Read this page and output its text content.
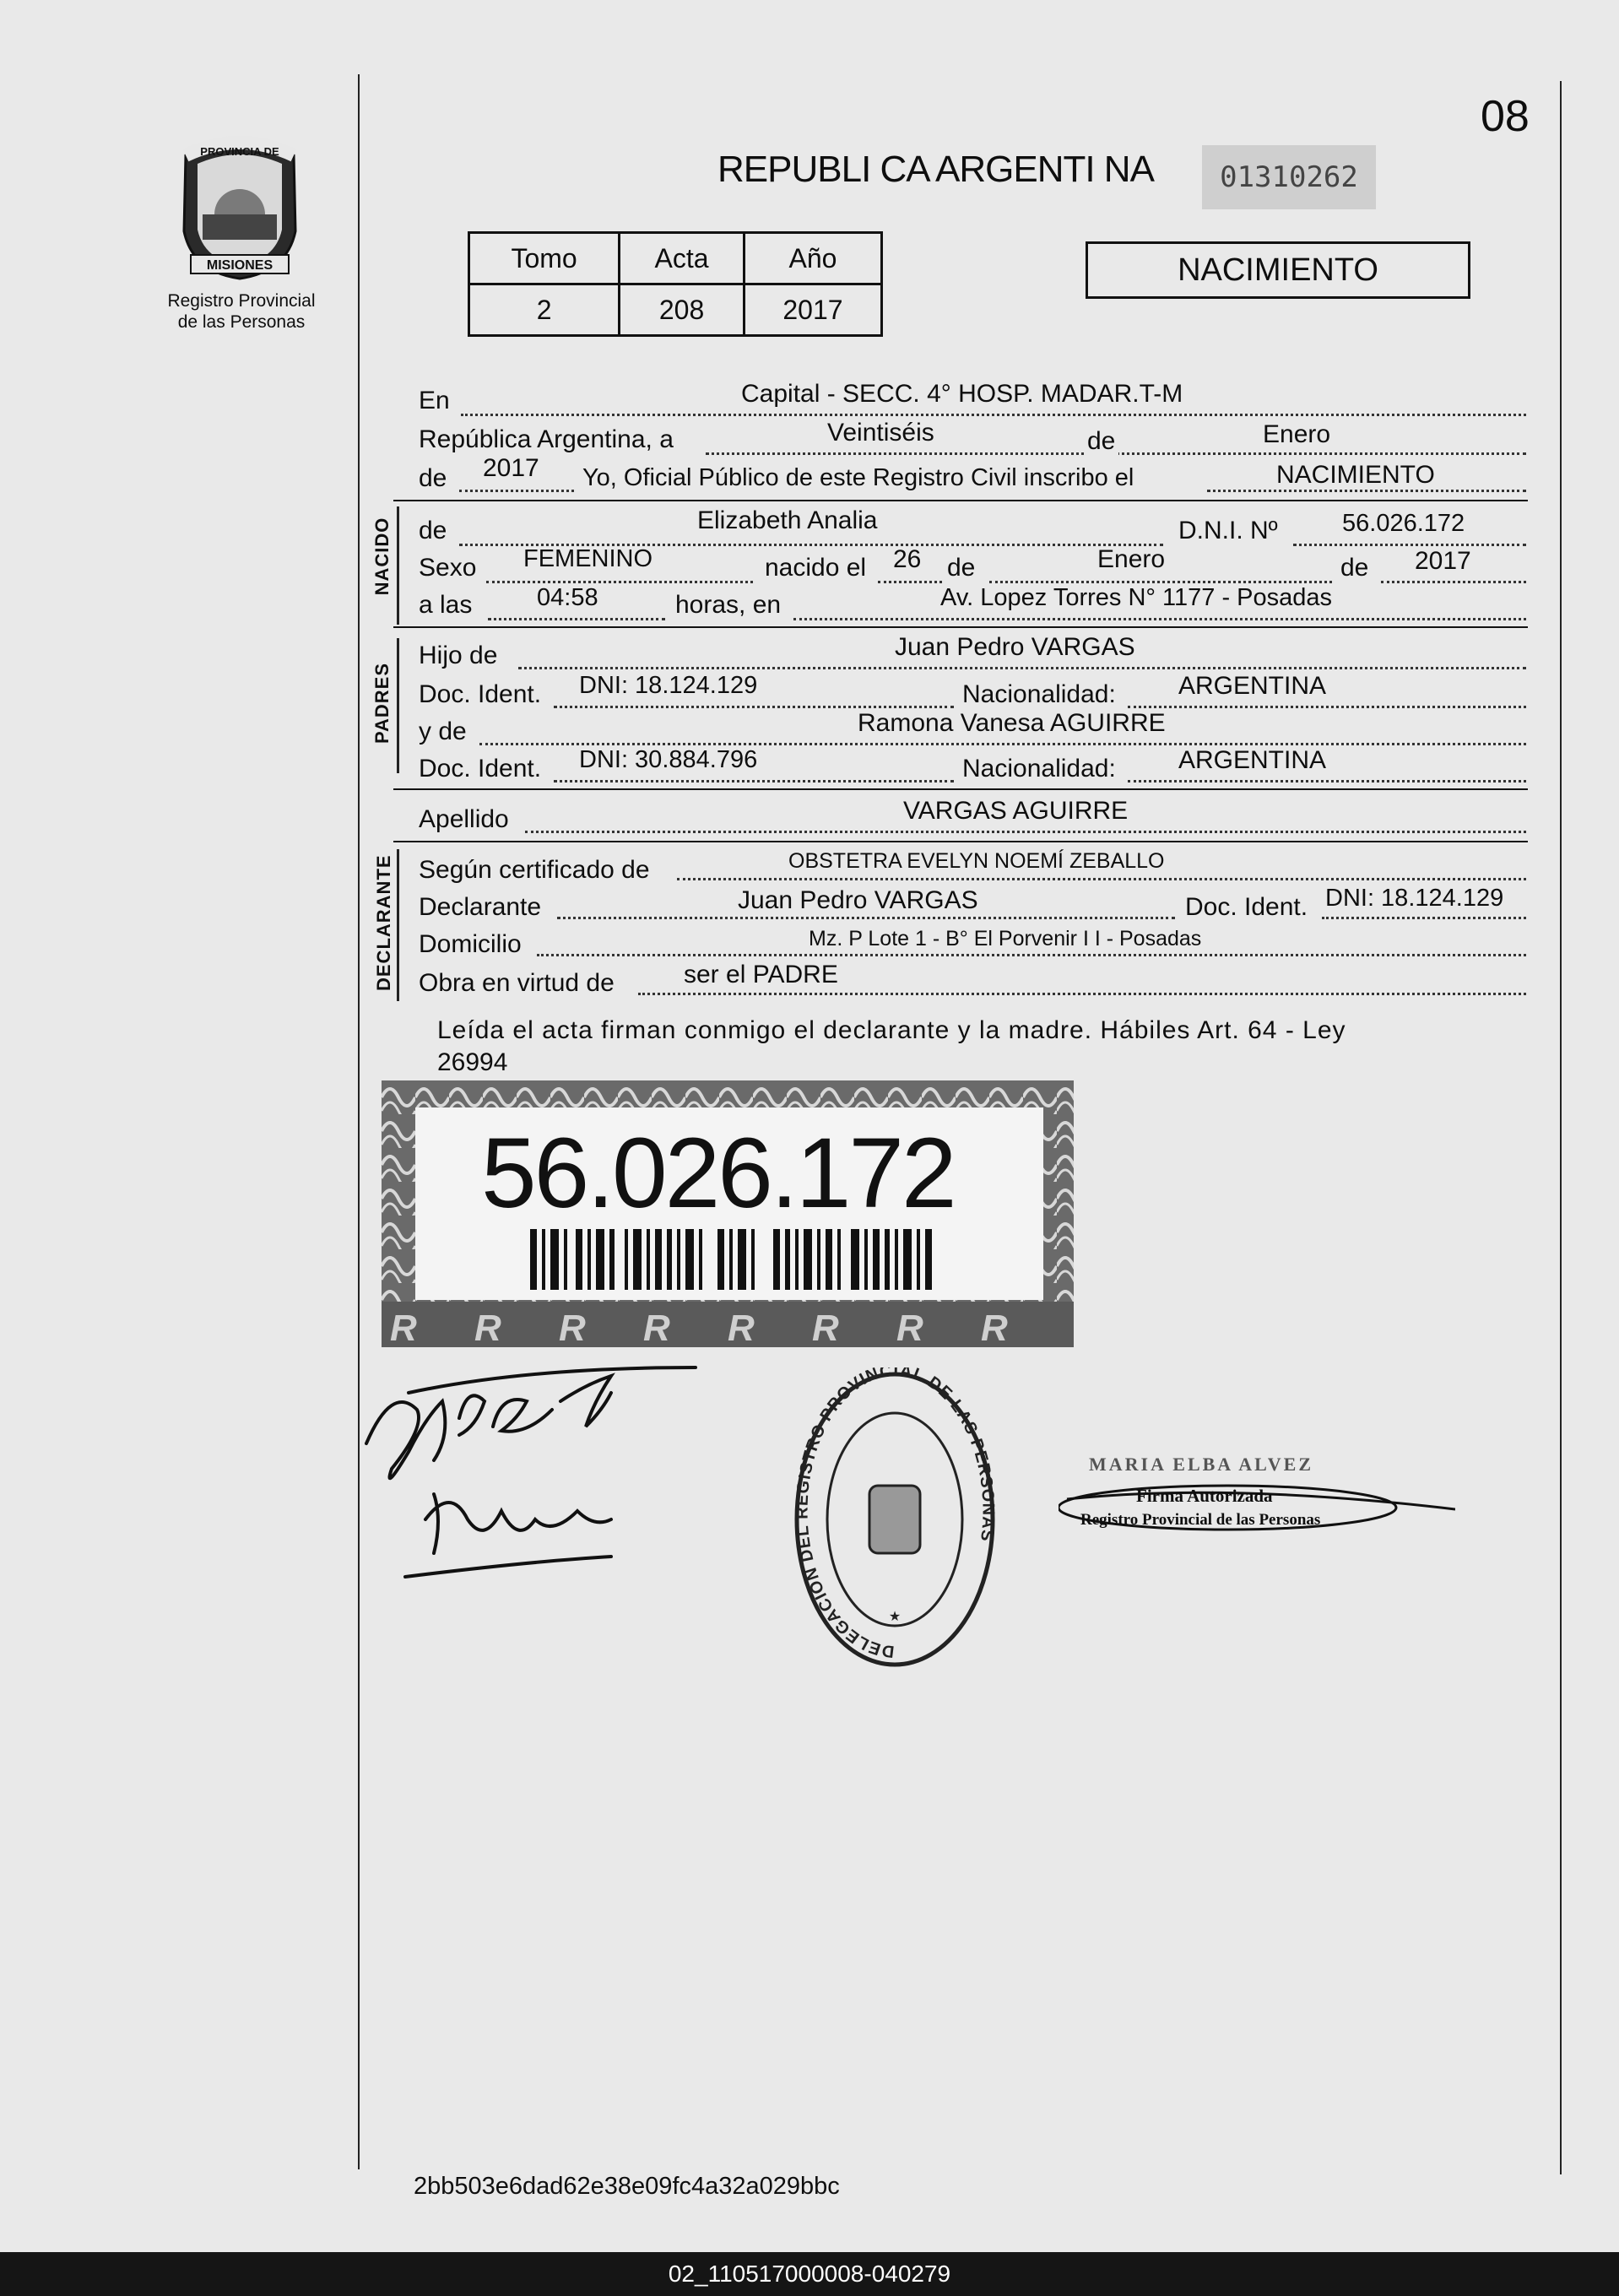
08
PROVINCIA DE
MISIONES
Registro Provincial
de las Personas
REPUBLI CA ARGENTI NA	01310262
Tomo	Acta	Año
2	208	2017
NACIMIENTO
En	Capital - SECC. 4° HOSP. MADAR.T-M
República Argentina, a	Veintiséis	de	Enero
de 2017 Yo, Oficial Público de este Registro Civil inscribo el	NACIMIENTO
NACIDO de	Elizabeth Analia	D.N.I. Nº	56.026.172
Sexo FEMENINO	nacido el 26 de	Enero	de 2017
a las	04:58	horas, en	Av. Lopez Torres N° 1177 - Posadas
PADRES
Hijo de	Juan Pedro VARGAS
Doc. Ident. DNI: 18.124.129	Nacionalidad: ARGENTINA
y de	Ramona Vanesa AGUIRRE
Doc. Ident. DNI: 30.884.796	Nacionalidad: ARGENTINA
Apellido	VARGAS AGUIRRE
DECLARANTE Según certificado de	OBSTETRA EVELYN NOEMÍ ZEBALLO
Declarante	Juan Pedro VARGAS	Doc. Ident. DNI: 18.124.129
Domicilio	Mz. P Lote 1 - B° El Porvenir I I - Posadas
Obra en virtud de	ser el PADRE
Leída el acta firman conmigo el declarante y la madre. Hábiles Art. 64 - Ley
26994
R R R R R R R R
56.026.172
DELEGACION DEL REGISTRO PROVINCIAL DE LAS PERSONAS
★
MARIA ELBA ALVEZ
Firma Autorizada
Registro Provincial de las Personas
2bb503e6dad62e38e09fc4a32a029bbc
02_110517000008-040279
